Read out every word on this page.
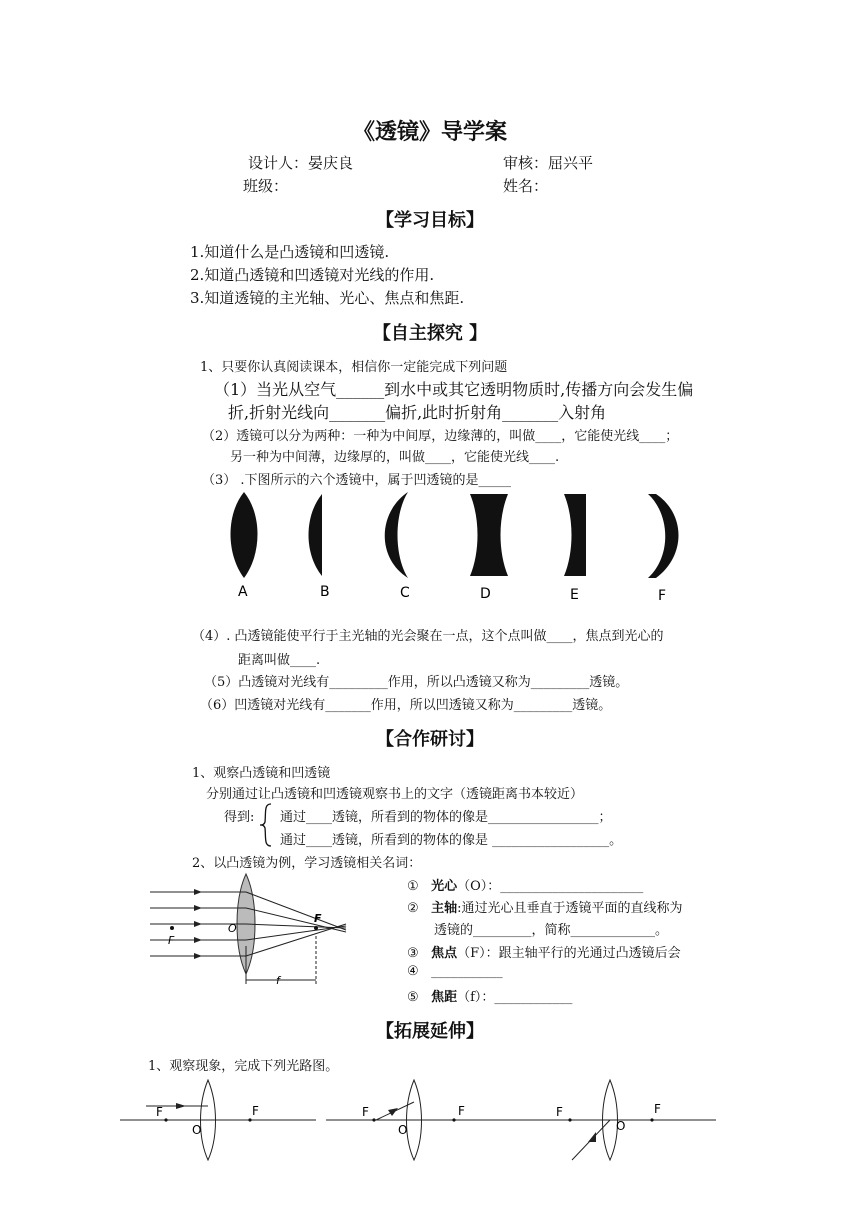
《透镜》导学案
设计人：晏庆良	审核：屈兴平
班级：	姓名：
【学习目标】
1.知道什么是凸透镜和凹透镜.
2.知道凸透镜和凹透镜对光线的作用.
3.知道透镜的主光轴、光心、焦点和焦距.
【自主探究 】
1、只要你认真阅读课本，相信你一定能完成下列问题
（1）当光从空气______到水中或其它透明物质时,传播方向会发生偏
折,折射光线向_______偏折,此时折射角_______入射角
（2）透镜可以分为两种：一种为中间厚，边缘薄的，叫做____，它能使光线____；
另一种为中间薄，边缘厚的，叫做____，它能使光线____.
（3） .下图所示的六个透镜中，属于凹透镜的是_____
A	B	C	D	E	F
（4）. 凸透镜能使平行于主光轴的光会聚在一点，这个点叫做____，焦点到光心的
距离叫做____.
（5）凸透镜对光线有_________作用，所以凸透镜又称为_________透镜。
（6）凹透镜对光线有_______作用，所以凹透镜又称为_________透镜。
【合作研讨】
1、观察凸透镜和凹透镜
分别通过让凸透镜和凹透镜观察书上的文字（透镜距离书本较近）
得到: 通过____透镜，所看到的物体的像是_________________；
通过____透镜，所看到的物体的像是 __________________。
2、以凸透镜为例，学习透镜相关名词：
O
F
F
f
① 光心（O）：______________________
② 主轴:通过光心且垂直于透镜平面的直线称为
透镜的_________，简称_____________。
③ 焦点（F）：跟主轴平行的光通过凸透镜后会
④ ___________
⑤ 焦距（f）：____________
【拓展延伸】
1、观察现象，完成下列光路图。
F	F
O
F	F
O
F	F
O
